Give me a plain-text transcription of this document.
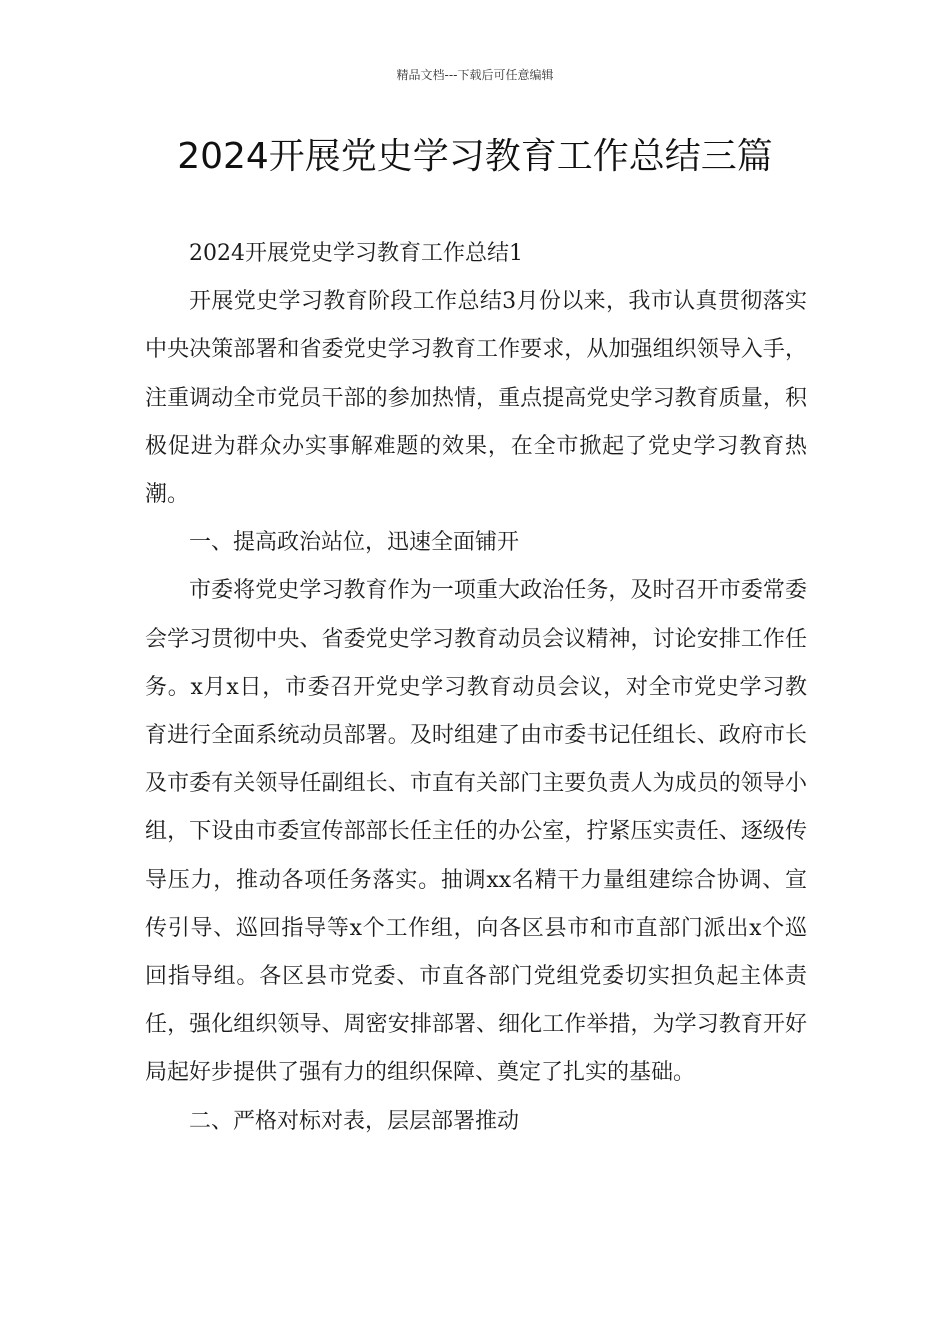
精品文档---下载后可任意编辑
2024开展党史学习教育工作总结三篇

2024开展党史学习教育工作总结1

开展党史学习教育阶段工作总结3月份以来，我市认真贯彻落实中央决策部署和省委党史学习教育工作要求，从加强组织领导入手，注重调动全市党员干部的参加热情，重点提高党史学习教育质量，积极促进为群众办实事解难题的效果，在全市掀起了党史学习教育热潮。

一、提高政治站位，迅速全面铺开

市委将党史学习教育作为一项重大政治任务，及时召开市委常委会学习贯彻中央、省委党史学习教育动员会议精神，讨论安排工作任务。x月x日，市委召开党史学习教育动员会议，对全市党史学习教育进行全面系统动员部署。及时组建了由市委书记任组长、政府市长及市委有关领导任副组长、市直有关部门主要负责人为成员的领导小组，下设由市委宣传部部长任主任的办公室，拧紧压实责任、逐级传导压力，推动各项任务落实。抽调xx名精干力量组建综合协调、宣传引导、巡回指导等x个工作组，向各区县市和市直部门派出x个巡回指导组。各区县市党委、市直各部门党组党委切实担负起主体责任，强化组织领导、周密安排部署、细化工作举措，为学习教育开好局起好步提供了强有力的组织保障、奠定了扎实的基础。

二、严格对标对表，层层部署推动
